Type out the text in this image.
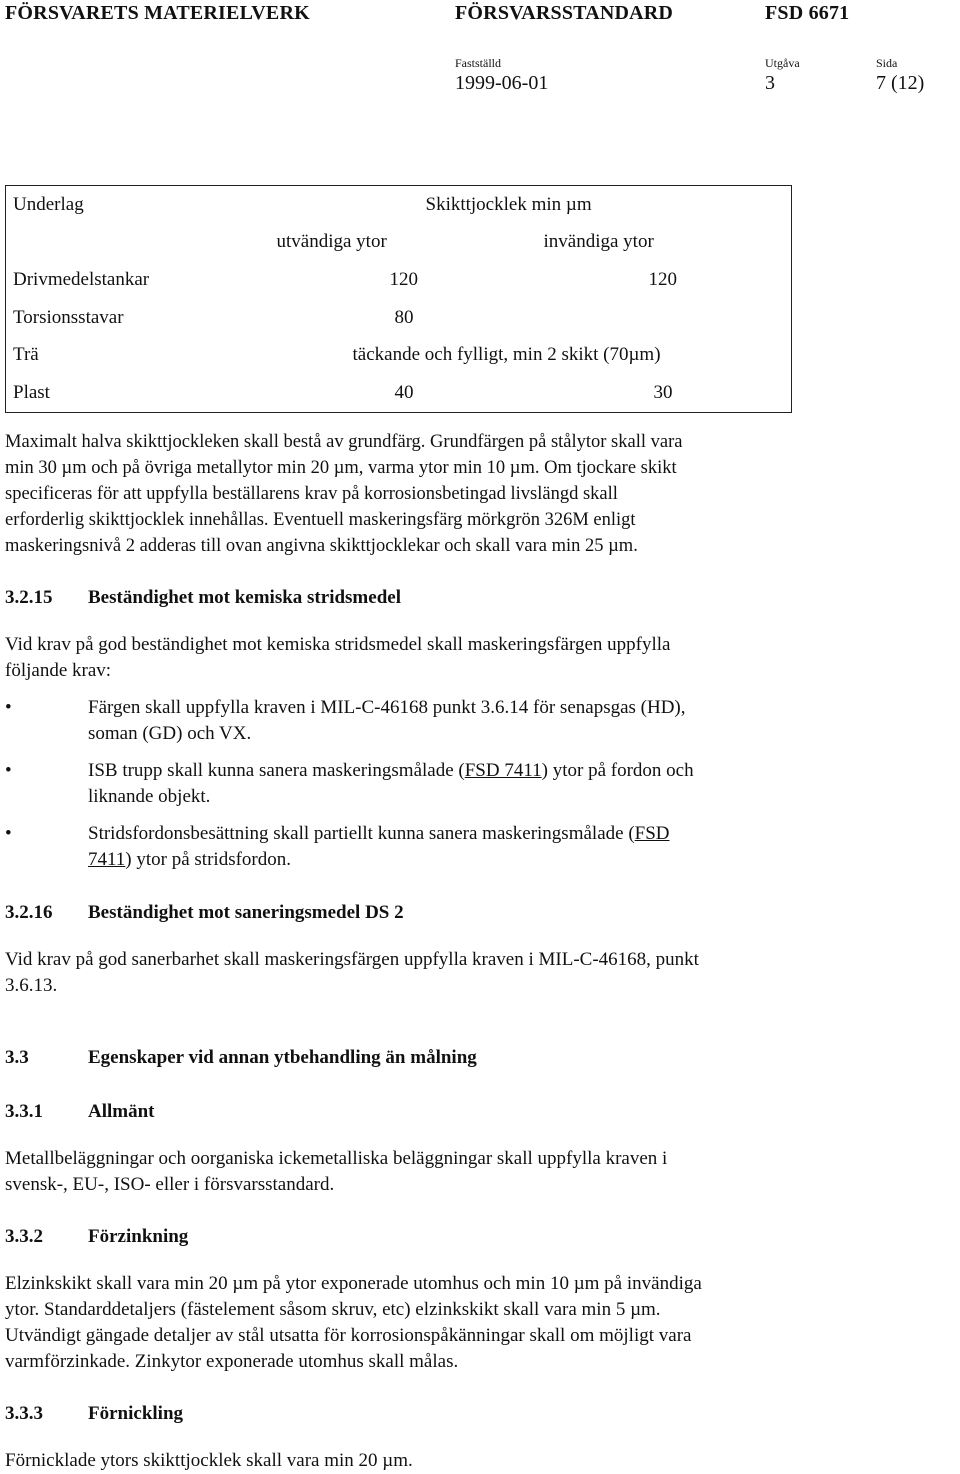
FÖRSVARETS MATERIELVERK	FÖRSVARSSTANDARD	FSD 6671
Fastställd	Utgåva	Sida
1999-06-01	3	7 (12)
Underlag	Skikttjocklek min µm	
	utvändiga ytor	invändiga ytor
Drivmedelstankar	120	120
Torsionsstavar	80	
Trä	täckande och fylligt, min 2 skikt (70µm)	
Plast	40	30
Maximalt halva skikttjockleken skall bestå av grundfärg. Grundfärgen på stålytor skall vara
min 30 µm och på övriga metallytor min 20 µm, varma ytor min 10 µm. Om tjockare skikt
specificeras för att uppfylla beställarens krav på korrosionsbetingad livslängd skall
erforderlig skikttjocklek innehållas. Eventuell maskeringsfärg mörkgrön 326M enligt
maskeringsnivå 2 adderas till ovan angivna skikttjocklekar och skall vara min 25 µm.
3.2.15 Beständighet mot kemiska stridsmedel
Vid krav på god beständighet mot kemiska stridsmedel skall maskeringsfärgen uppfylla
följande krav:
•	Färgen skall uppfylla kraven i MIL-C-46168 punkt 3.6.14 för senapsgas (HD),
soman (GD) och VX.
•	ISB trupp skall kunna sanera maskeringsmålade (FSD 7411) ytor på fordon och
liknande objekt.
•	Stridsfordonsbesättning skall partiellt kunna sanera maskeringsmålade (FSD
7411) ytor på stridsfordon.
3.2.16 Beständighet mot saneringsmedel DS 2
Vid krav på god sanerbarhet skall maskeringsfärgen uppfylla kraven i MIL-C-46168, punkt
3.6.13.
3.3	Egenskaper vid annan ytbehandling än målning
3.3.1 Allmänt
Metallbeläggningar och oorganiska ickemetalliska beläggningar skall uppfylla kraven i
svensk-, EU-, ISO- eller i försvarsstandard.
3.3.2 Förzinkning
Elzinkskikt skall vara min 20 µm på ytor exponerade utomhus och min 10 µm på invändiga
ytor. Standarddetaljers (fästelement såsom skruv, etc) elzinkskikt skall vara min 5 µm.
Utvändigt gängade detaljer av stål utsatta för korrosionspåkänningar skall om möjligt vara
varmförzinkade. Zinkytor exponerade utomhus skall målas.
3.3.3 Förnickling
Förnicklade ytors skikttjocklek skall vara min 20 µm.
